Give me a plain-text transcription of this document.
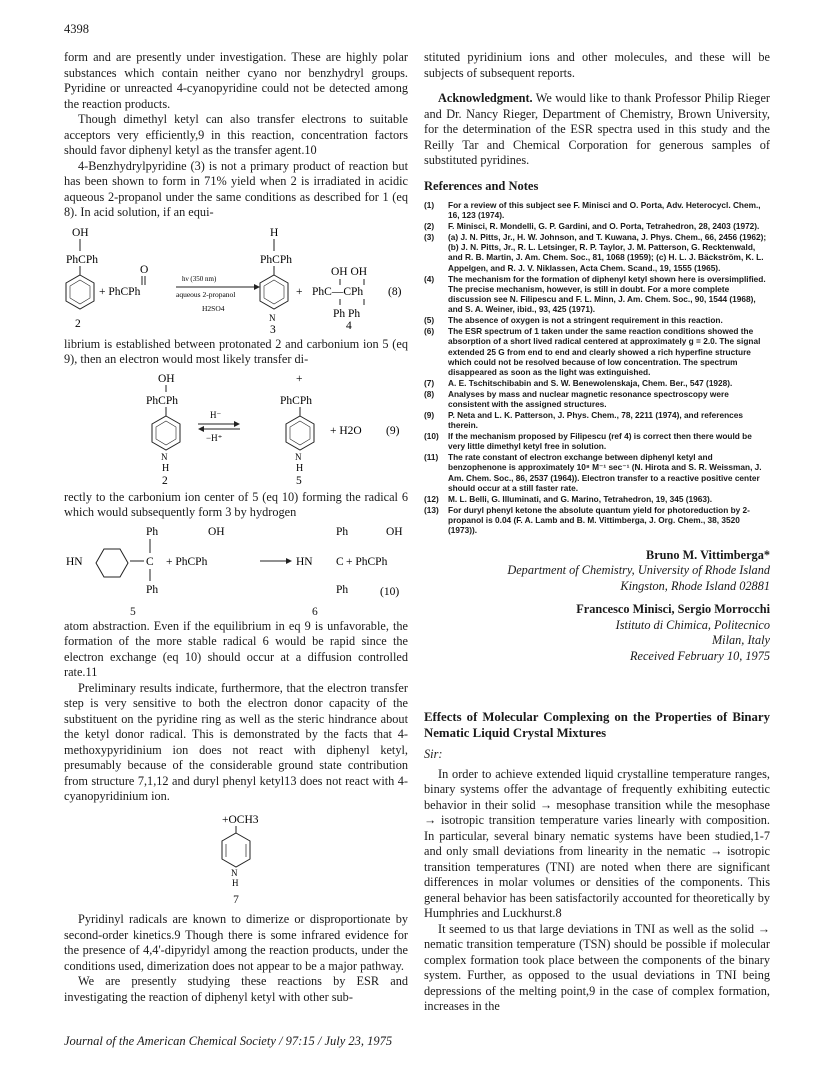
4398

form and are presently under investigation. These are highly polar substances which contain neither cyano nor benzhydryl groups. Pyridine or unreacted 4-cyanopyridine could not be detected among the reaction products.

Though dimethyl ketyl can also transfer electrons to suitable acceptors very efficiently,9 in this reaction, concentration factors should favor diphenyl ketyl as the transfer agent.10

4-Benzhydrylpyridine (3) is not a primary product of reaction but has been shown to form in 71% yield when 2 is irradiated in acidic aqueous 2-propanol under the same conditions as described for 1 (eq 8). In acid solution, if an equi-

OH
PhCPh
+ PhCPh
O
2
hν (350 nm)
aqueous 2-propanol
H2SO4
H
PhCPh
N
3
+
OH OH
PhC—CPh (8)
Ph Ph
4

librium is established between protonated 2 and carbonium ion 5 (eq 9), then an electron would most likely transfer di-

OH
PhCPh
N
H
2
H⁻
−H⁺
+
PhCPh
N
H
5
+ H2O (9)

rectly to the carbonium ion center of 5 (eq 10) forming the radical 6 which would subsequently form 3 by hydrogen

Ph	OH
HN	C
Ph
+ PhCPh
Ph	OH
HN C + PhCPh
Ph	(10)
5	6

atom abstraction. Even if the equilibrium in eq 9 is unfavorable, the formation of the more stable radical 6 would be rapid since the electron exchange (eq 10) should occur at a diffusion controlled rate.11

Preliminary results indicate, furthermore, that the electron transfer step is very sensitive to both the electron donor capacity of the substituent on the pyridine ring as well as the steric hindrance about the ketyl donor radical. This is demonstrated by the facts that 4-methoxypyridinium ion does not react with diphenyl ketyl, presumably because of the considerable ground state contribution from structure 7,1,12 and duryl phenyl ketyl13 does not react with 4-cyanopyridinium ion.

+OCH3
N
H
7

Pyridinyl radicals are known to dimerize or disproportionate by second-order kinetics.9 Though there is some infrared evidence for the presence of 4,4'-dipyridyl among the reaction products, under the conditions used, dimerization does not appear to be a major pathway.

We are presently studying these reactions by ESR and investigating the reaction of diphenyl ketyl with other sub-

stituted pyridinium ions and other molecules, and these will be subjects of subsequent reports.

Acknowledgment. We would like to thank Professor Philip Rieger and Dr. Nancy Rieger, Department of Chemistry, Brown University, for the determination of the ESR spectra used in this study and the Reilly Tar and Chemical Corporation for generous samples of substituted pyridines.

References and Notes
(1) For a review of this subject see F. Minisci and O. Porta, Adv. Heterocycl. Chem., 16, 123 (1974).
(2) F. Minisci, R. Mondelli, G. P. Gardini, and O. Porta, Tetrahedron, 28, 2403 (1972).
(3) (a) J. N. Pitts, Jr., H. W. Johnson, and T. Kuwana, J. Phys. Chem., 66, 2456 (1962); (b) J. N. Pitts, Jr., R. L. Letsinger, R. P. Taylor, J. M. Patterson, G. Recktenwald, and R. B. Martin, J. Am. Chem. Soc., 81, 1068 (1959); (c) H. L. J. Bäckström, K. L. Appelgen, and R. J. V. Niklassen, Acta Chem. Scand., 19, 1555 (1965).
(4) The mechanism for the formation of diphenyl ketyl shown here is oversimplified. The precise mechanism, however, is still in doubt. For a more complete discussion see N. Filipescu and F. L. Minn, J. Am. Chem. Soc., 90, 1544 (1968), and S. A. Weiner, ibid., 93, 425 (1971).
(5) The absence of oxygen is not a stringent requirement in this reaction.
(6) The ESR spectrum of 1 taken under the same reaction conditions showed the absorption of a short lived radical centered at approximately g = 2.0. The signal extended 25 G from end to end and clearly showed a rich hyperfine structure which could not be resolved because of low concentration. The spectrum disappeared as soon as the light was extinguished.
(7) A. E. Tschitschibabin and S. W. Benewolenskaja, Chem. Ber., 547 (1928).
(8) Analyses by mass and nuclear magnetic resonance spectroscopy were consistent with the assigned structures.
(9) P. Neta and L. K. Patterson, J. Phys. Chem., 78, 2211 (1974), and references therein.
(10) If the mechanism proposed by Filipescu (ref 4) is correct then there would be very little dimethyl ketyl free in solution.
(11) The rate constant of electron exchange between diphenyl ketyl and benzophenone is approximately 10⁸ M⁻¹ sec⁻¹ (N. Hirota and S. R. Weissman, J. Am. Chem. Soc., 86, 2537 (1964)). Electron transfer to a reactive positive center should occur at a still faster rate.
(12) M. L. Belli, G. Illuminati, and G. Marino, Tetrahedron, 19, 345 (1963).
(13) For duryl phenyl ketone the absolute quantum yield for photoreduction by 2-propanol is 0.04 (F. A. Lamb and B. M. Vittimberga, J. Org. Chem., 38, 3520 (1973)).
Bruno M. Vittimberga*
Department of Chemistry, University of Rhode Island
Kingston, Rhode Island 02881
Francesco Minisci, Sergio Morrocchi
Istituto di Chimica, Politecnico
Milan, Italy
Received February 10, 1975
Effects of Molecular Complexing on the Properties of Binary Nematic Liquid Crystal Mixtures

Sir:

In order to achieve extended liquid crystalline temperature ranges, binary systems offer the advantage of frequently exhibiting eutectic behavior in their solid → mesophase transition while the mesophase → isotropic transition temperature varies linearly with composition. In particular, several binary nematic systems have been studied,1-7 and only small deviations from linearity in the nematic → isotropic transition temperatures (TNI) are noted when there are significant differences in molar volumes or densities of the components. This general behavior has been satisfactorily accounted for theoretically by Humphries and Luckhurst.8

It seemed to us that large deviations in TNI as well as the solid → nematic transition temperature (TSN) should be possible if molecular complex formation took place between the components of the binary system. Further, as opposed to the usual deviations in TNI being depressions of the melting point,9 in the case of complex formation, increases in the

Journal of the American Chemical Society / 97:15 / July 23, 1975
